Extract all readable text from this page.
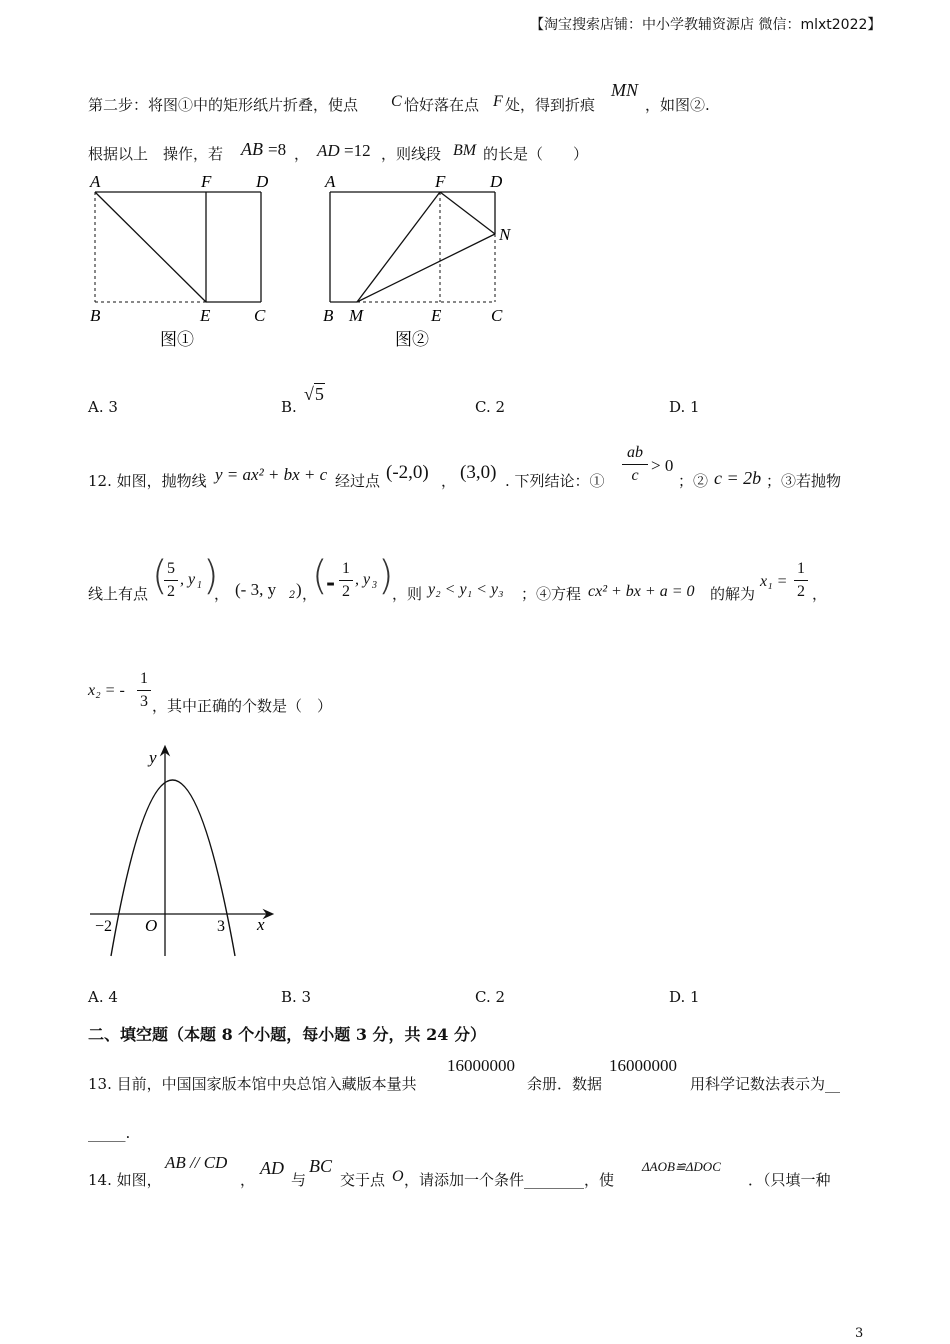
【淘宝搜索店铺：中小学教辅资源店 微信：mlxt2022】
第二步：将图①中的矩形纸片折叠，使点 C 恰好落在点 F 处，得到折痕
MN
，如图②.
根据以上　操作，若 AB =8 ， AD =12 ，则线段 BM 的长是（　　）
A	F	D
B	E	C
图①
A	F	D
N
B M	E	C
图②
A. 3	B.
√5
C. 2	D. 1
12. 如图，抛物线 y = ax² + bx + c 经过点 (-2,0) ， (3,0) . 下列结论：①
ab
c
> 0
；② c = 2b ；③若抛物
线上有点 ( 5
2
, y 1 )
， (- 3, y 2 ) ，
(
-
1
2
, y 3 )
，则 y₂ < y₁ < y₃ ；④方程 cx² + bx + a = 0 的解为
x₁ =
1
2 ，
x₂ = -
1
3 ，其中正确的个数是（　）
y
x
O
−2	3
A. 4	B. 3	C. 2	D. 1
二、填空题（本题 8 个小题，每小题 3 分，共 24 分）
13. 目前，中国国家版本馆中央总馆入藏版本量共
16000000
余册．数据
16000000
用科学记数法表示为__
_____.
14. 如图，
AB // CD
，
AD
与
BC
交于点 O ，请添加一个条件________，使
ΔAOB≌ΔDOC
．（只填一种
3
